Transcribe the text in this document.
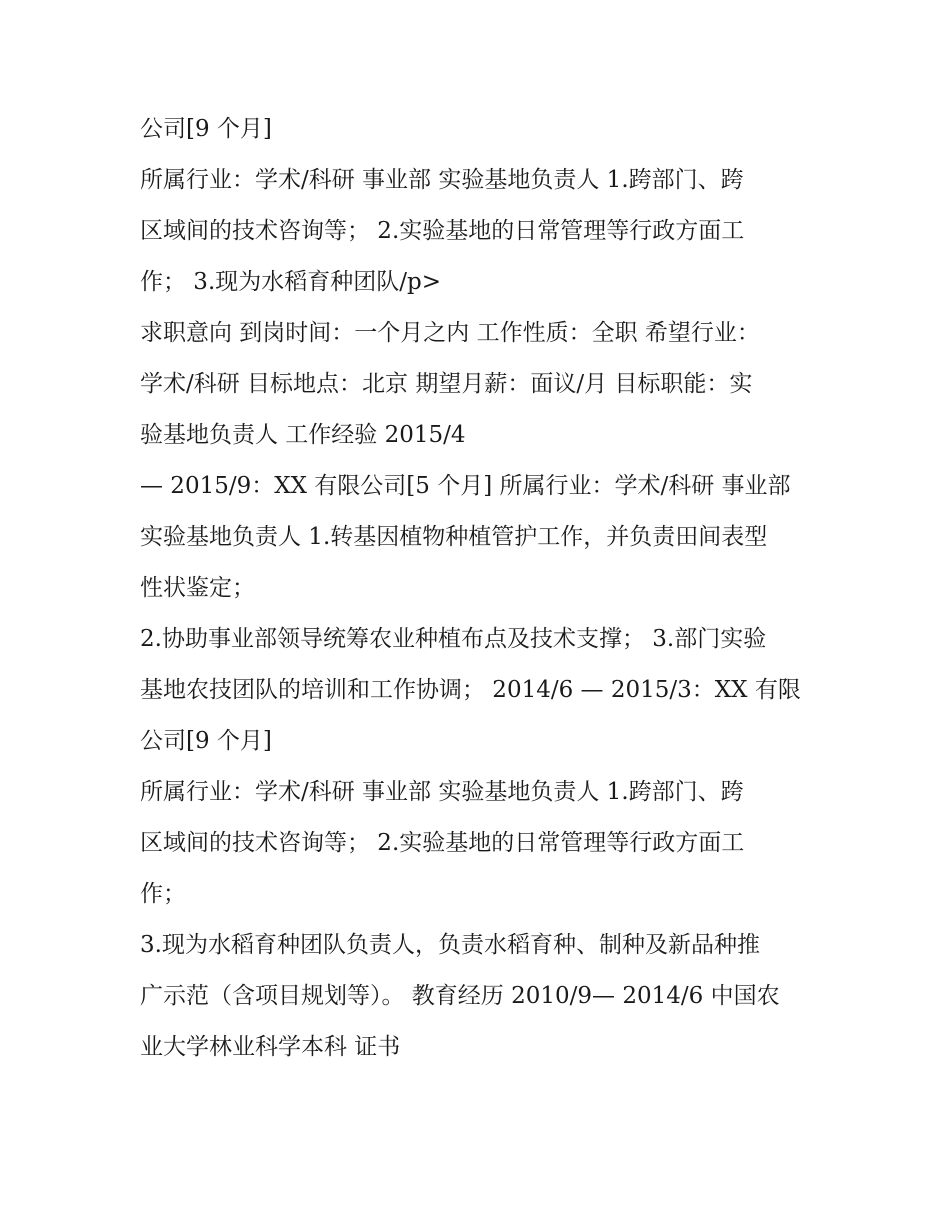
公司[9 个月]
所属行业：学术/科研 事业部 实验基地负责人 1.跨部门、跨
区域间的技术咨询等； 2.实验基地的日常管理等行政方面工
作； 3.现为水稻育种团队/p>
求职意向 到岗时间：一个月之内 工作性质：全职 希望行业：
学术/科研 目标地点：北京 期望月薪：面议/月 目标职能：实
验基地负责人 工作经验 2015/4
— 2015/9：XX 有限公司[5 个月] 所属行业：学术/科研 事业部
实验基地负责人 1.转基因植物种植管护工作，并负责田间表型
性状鉴定；
2.协助事业部领导统筹农业种植布点及技术支撑； 3.部门实验
基地农技团队的培训和工作协调； 2014/6 — 2015/3：XX 有限
公司[9 个月]
所属行业：学术/科研 事业部 实验基地负责人 1.跨部门、跨
区域间的技术咨询等； 2.实验基地的日常管理等行政方面工
作；
3.现为水稻育种团队负责人，负责水稻育种、制种及新品种推
广示范（含项目规划等）。 教育经历 2010/9— 2014/6 中国农
业大学林业科学本科 证书
